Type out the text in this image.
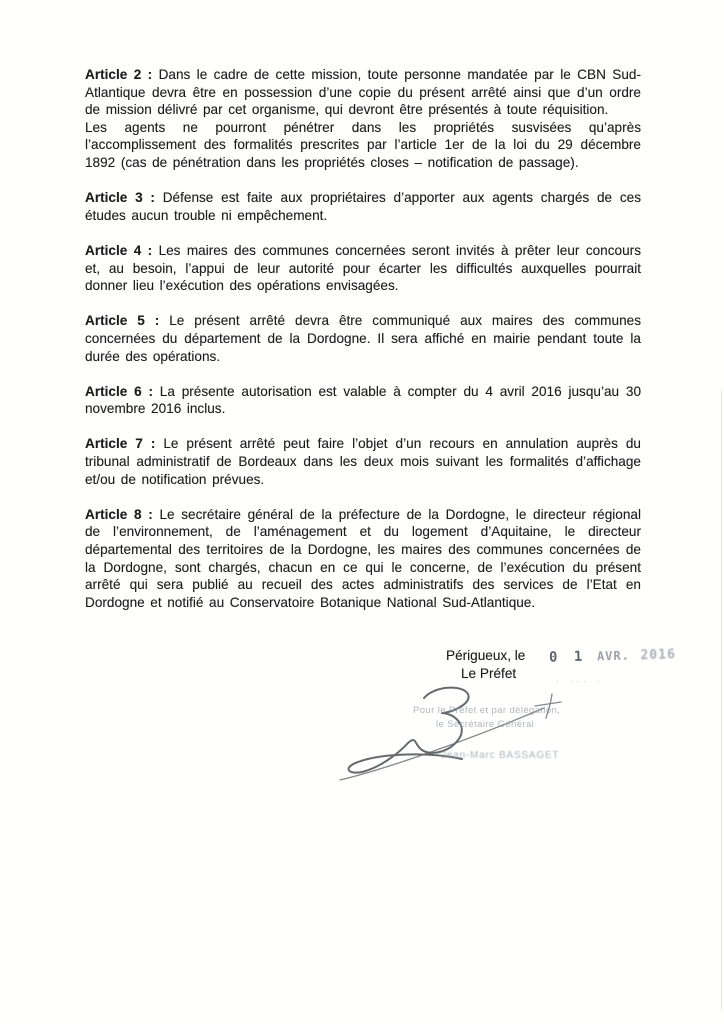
Article 2 : Dans le cadre de cette mission, toute personne mandatée par le CBN Sud-Atlantique devra être en possession d’une copie du présent arrêté ainsi que d’un ordre de mission délivré par cet organisme, qui devront être présentés à toute réquisition.

Les agents ne pourront pénétrer dans les propriétés susvisées qu’après l’accomplissement des formalités prescrites par l’article 1er de la loi du 29 décembre 1892 (cas de pénétration dans les propriétés closes – notification de passage).

Article 3 : Défense est faite aux propriétaires d’apporter aux agents chargés de ces études aucun trouble ni empêchement.

Article 4 : Les maires des communes concernées seront invités à prêter leur concours et, au besoin, l’appui de leur autorité pour écarter les difficultés auxquelles pourrait donner lieu l’exécution des opérations envisagées.

Article 5 : Le présent arrêté devra être communiqué aux maires des communes concernées du département de la Dordogne. Il sera affiché en mairie pendant toute la durée des opérations.

Article 6 : La présente autorisation est valable à compter du 4 avril 2016 jusqu’au 30 novembre 2016 inclus.

Article 7 : Le présent arrêté peut faire l’objet d’un recours en annulation auprès du tribunal administratif de Bordeaux dans les deux mois suivant les formalités d’affichage et/ou de notification prévues.

Article 8 : Le secrétaire général de la préfecture de la Dordogne, le directeur régional de l’environnement, de l’aménagement et du logement d’Aquitaine, le directeur départemental des territoires de la Dordogne, les maires des communes concernées de la Dordogne, sont chargés, chacun en ce qui le concerne, de l’exécution du présent arrêté qui sera publié au recueil des actes administratifs des services de l’Etat en Dordogne et notifié au Conservatoire Botanique National Sud-Atlantique.

Périgueux, le 0 1 AVR. 2016
Le Préfet	· ··· ·
Pour le Préfet et par délégation,
le Secrétaire Général
Jean-Marc BASSAGET
